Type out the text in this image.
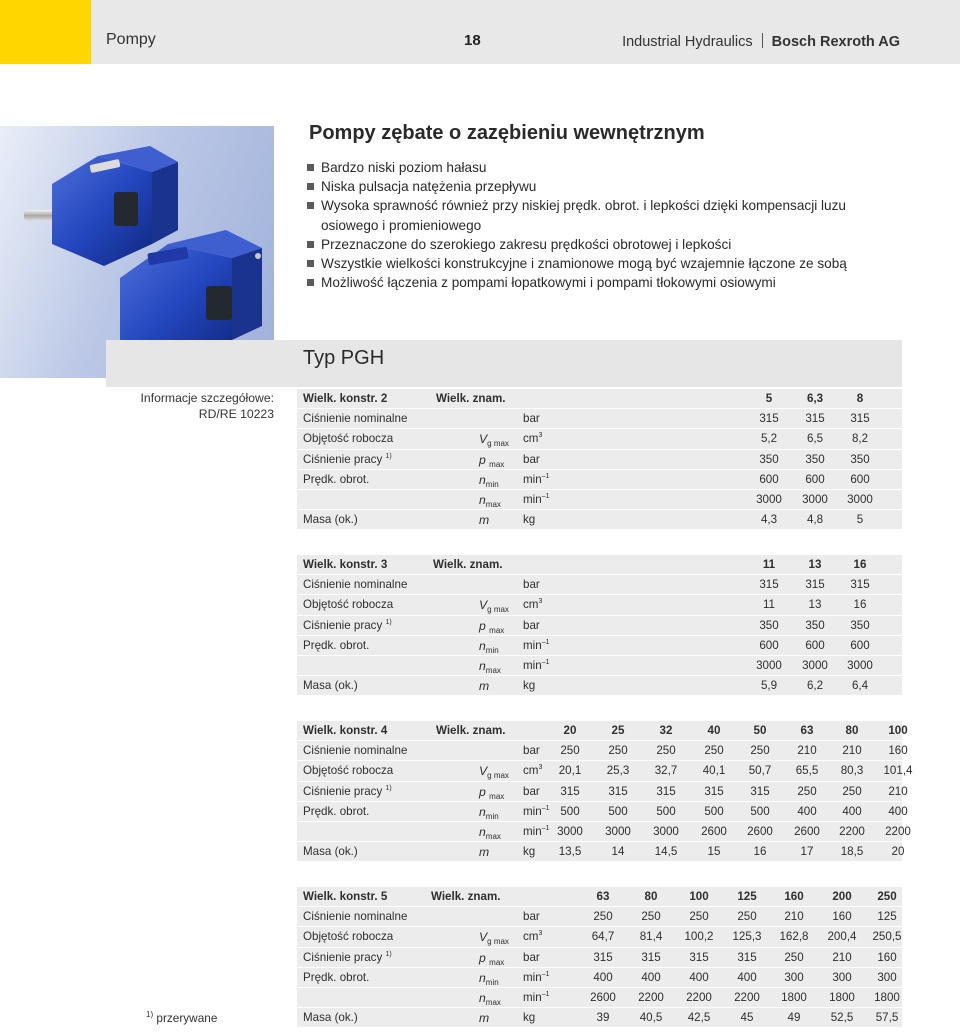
Pompy	18	Industrial Hydraulics Bosch Rexroth AG
Pompy zębate o zazębieniu wewnętrznym
Bardzo niski poziom hałasu
Niska pulsacja natężenia przepływu
Wysoka sprawność również przy niskiej prędk. obrot. i lepkości dzięki kompensacji luzu osiowego i promieniowego
Przeznaczone do szerokiego zakresu prędkości obrotowej i lepkości
Wszystkie wielkości konstrukcyjne i znamionowe mogą być wzajemnie łączone ze sobą
Możliwość łączenia z pompami łopatkowymi i pompami tłokowymi osiowymi
Typ PGH
Informacje szczegółowe:
RD/RE 10223
Wielk. konstr. 2	Wielk. znam.	5	6,3	8
Ciśnienie nominalne	bar	315	315	315
Objętość robocza	$V_{g max}$ $cm^3$	5,2	6,5	8,2
Ciśnienie pracy $^{1)}$	p $_{max}$ bar	350	350	350
Prędk. obrot.	$n_{min}$ $\min^{-1}$	600	600	600
$n_{max}$ $\min^{-1}$	3000	3000	3000
Masa (ok.)	m	kg	4,3	4,8	5
Wielk. konstr. 3	Wielk. znam.	11	13	16
Ciśnienie nominalne	bar	315	315	315
Objętość robocza	$V_{g max}$ $cm^3$	11	13	16
Ciśnienie pracy $^{1)}$	p $_{max}$ bar	350	350	350
Prędk. obrot.	$n_{min}$ $\min^{-1}$	600	600	600
$n_{max}$ $\min^{-1}$	3000	3000	3000
Masa (ok.)	m	kg	5,9	6,2	6,4
Wielk. konstr. 4	Wielk. znam.	20	25	32	40	50	63	80	100
Ciśnienie nominalne	bar	250	250	250	250	250	210	210	160
Objętość robocza	$V_{g max}$ $cm^3$	20,1	25,3	32,7	40,1	50,7	65,5	80,3	101,4
Ciśnienie pracy $^{1)}$	p $_{max}$ bar	315	315	315	315	315	250	250	210
Prędk. obrot.	$n_{min}$ $\min^{-1} 500$	500	500	500	500	400	400	400
$n_{max}$ $\min^{-1} 3000$	3000	3000	2600	2600	2600	2200	2200
Masa (ok.)	m	kg	13,5	14	14,5	15	16	17	18,5	20
Wielk. konstr. 5	Wielk. znam.	63	80	100	125	160	200	250
Ciśnienie nominalne	bar	250	250	250	250	210	160	125
Objętość robocza	$V_{g max}$ $cm^3$	64,7	81,4	100,2	125,3	162,8	200,4	250,5
Ciśnienie pracy $^{1)}$	p $_{max}$ bar	315	315	315	315	250	210	160
Prędk. obrot.	$n_{min}$ $\min^{-1}$	400	400	400	400	300	300	300
$n_{max}$ $\min^{-1}$	2600	2200	2200	2200	1800	1800	1800
Masa (ok.)	m	kg	39	40,5	42,5	45	49	52,5	57,5
$^{1)}$ przerywane
